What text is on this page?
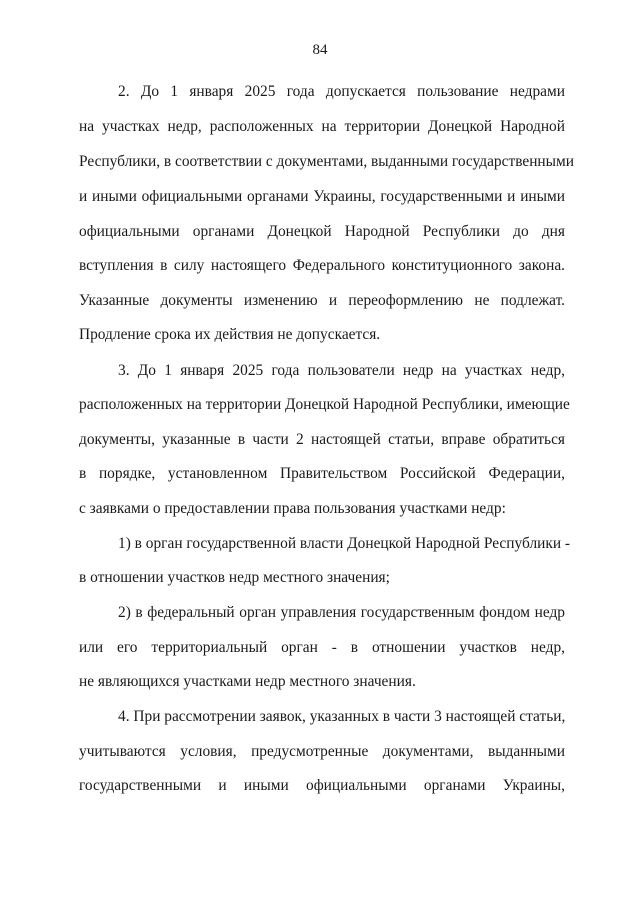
84
2. До 1 января 2025 года допускается пользование недрами
на участках недр, расположенных на территории Донецкой Народной
Республики, в соответствии с документами, выданными государственными
и иными официальными органами Украины, государственными и иными
официальными органами Донецкой Народной Республики до дня
вступления в силу настоящего Федерального конституционного закона.
Указанные документы изменению и переоформлению не подлежат.
Продление срока их действия не допускается.
3. До 1 января 2025 года пользователи недр на участках недр,
расположенных на территории Донецкой Народной Республики, имеющие
документы, указанные в части 2 настоящей статьи, вправе обратиться
в порядке, установленном Правительством Российской Федерации,
с заявками о предоставлении права пользования участками недр:
1) в орган государственной власти Донецкой Народной Республики -
в отношении участков недр местного значения;
2) в федеральный орган управления государственным фондом недр
или его территориальный орган - в отношении участков недр,
не являющихся участками недр местного значения.
4. При рассмотрении заявок, указанных в части 3 настоящей статьи,
учитываются условия, предусмотренные документами, выданными
государственными и иными официальными органами Украины,
